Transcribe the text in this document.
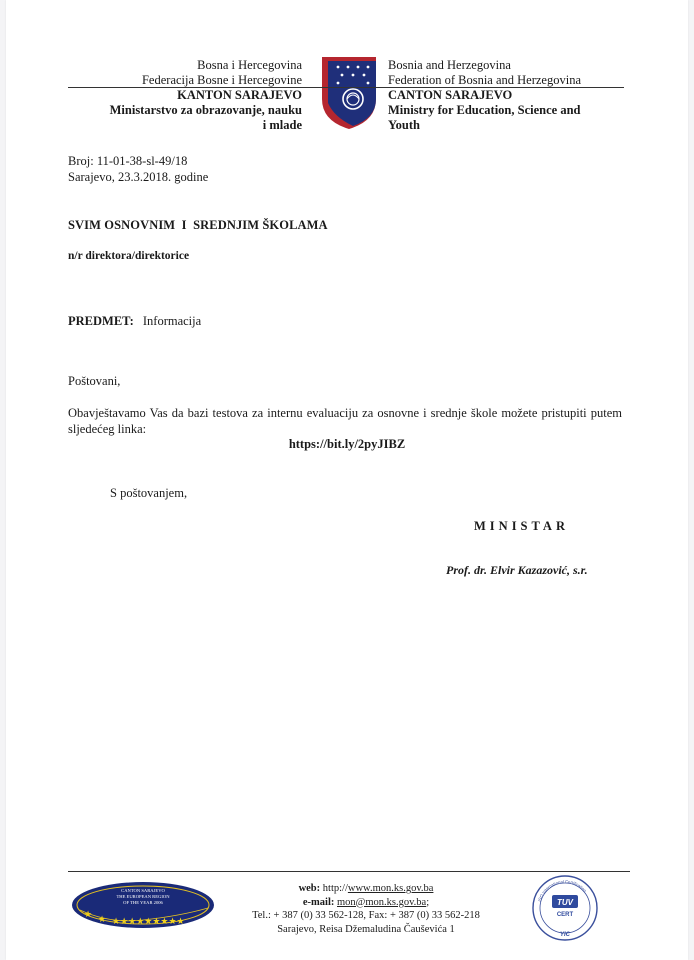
Bosna i Hercegovina
Federacija Bosne i Hercegovine
KANTON SARAJEVO
Ministarstvo za obrazovanje, nauku
i mlade
Bosnia and Herzegovina
Federation of Bosnia and Herzegovina
CANTON SARAJEVO
Ministry for Education, Science and
Youth
Broj: 11-01-38-sl-49/18
Sarajevo, 23.3.2018. godine
SVIM OSNOVNIM  I  SREDNJIM ŠKOLAMA
n/r direktora/direktorice
PREDMET: Informacija
Poštovani,
Obavještavamo Vas da bazi testova za internu evaluaciju za osnovne i srednje škole možete pristupiti putem sljedećeg linka:
https://bit.ly/2pyJIBZ
S poštovanjem,
MINISTAR
Prof. dr. Elvir Kazazović, s.r.
CANTON SARAJEVO
THE EUROPEAN REGION
OF THE YEAR 2006
★ ★ ★★★★★★★★★
web: http://www.mon.ks.gov.ba
e-mail: mon@mon.ks.gov.ba;
Tel.: + 387 (0) 33 562-128, Fax: + 387 (0) 33 562-218
Sarajevo, Reisa Džemaludina Čauševića 1
ISO International Certification
TUV
CERT
YIC
